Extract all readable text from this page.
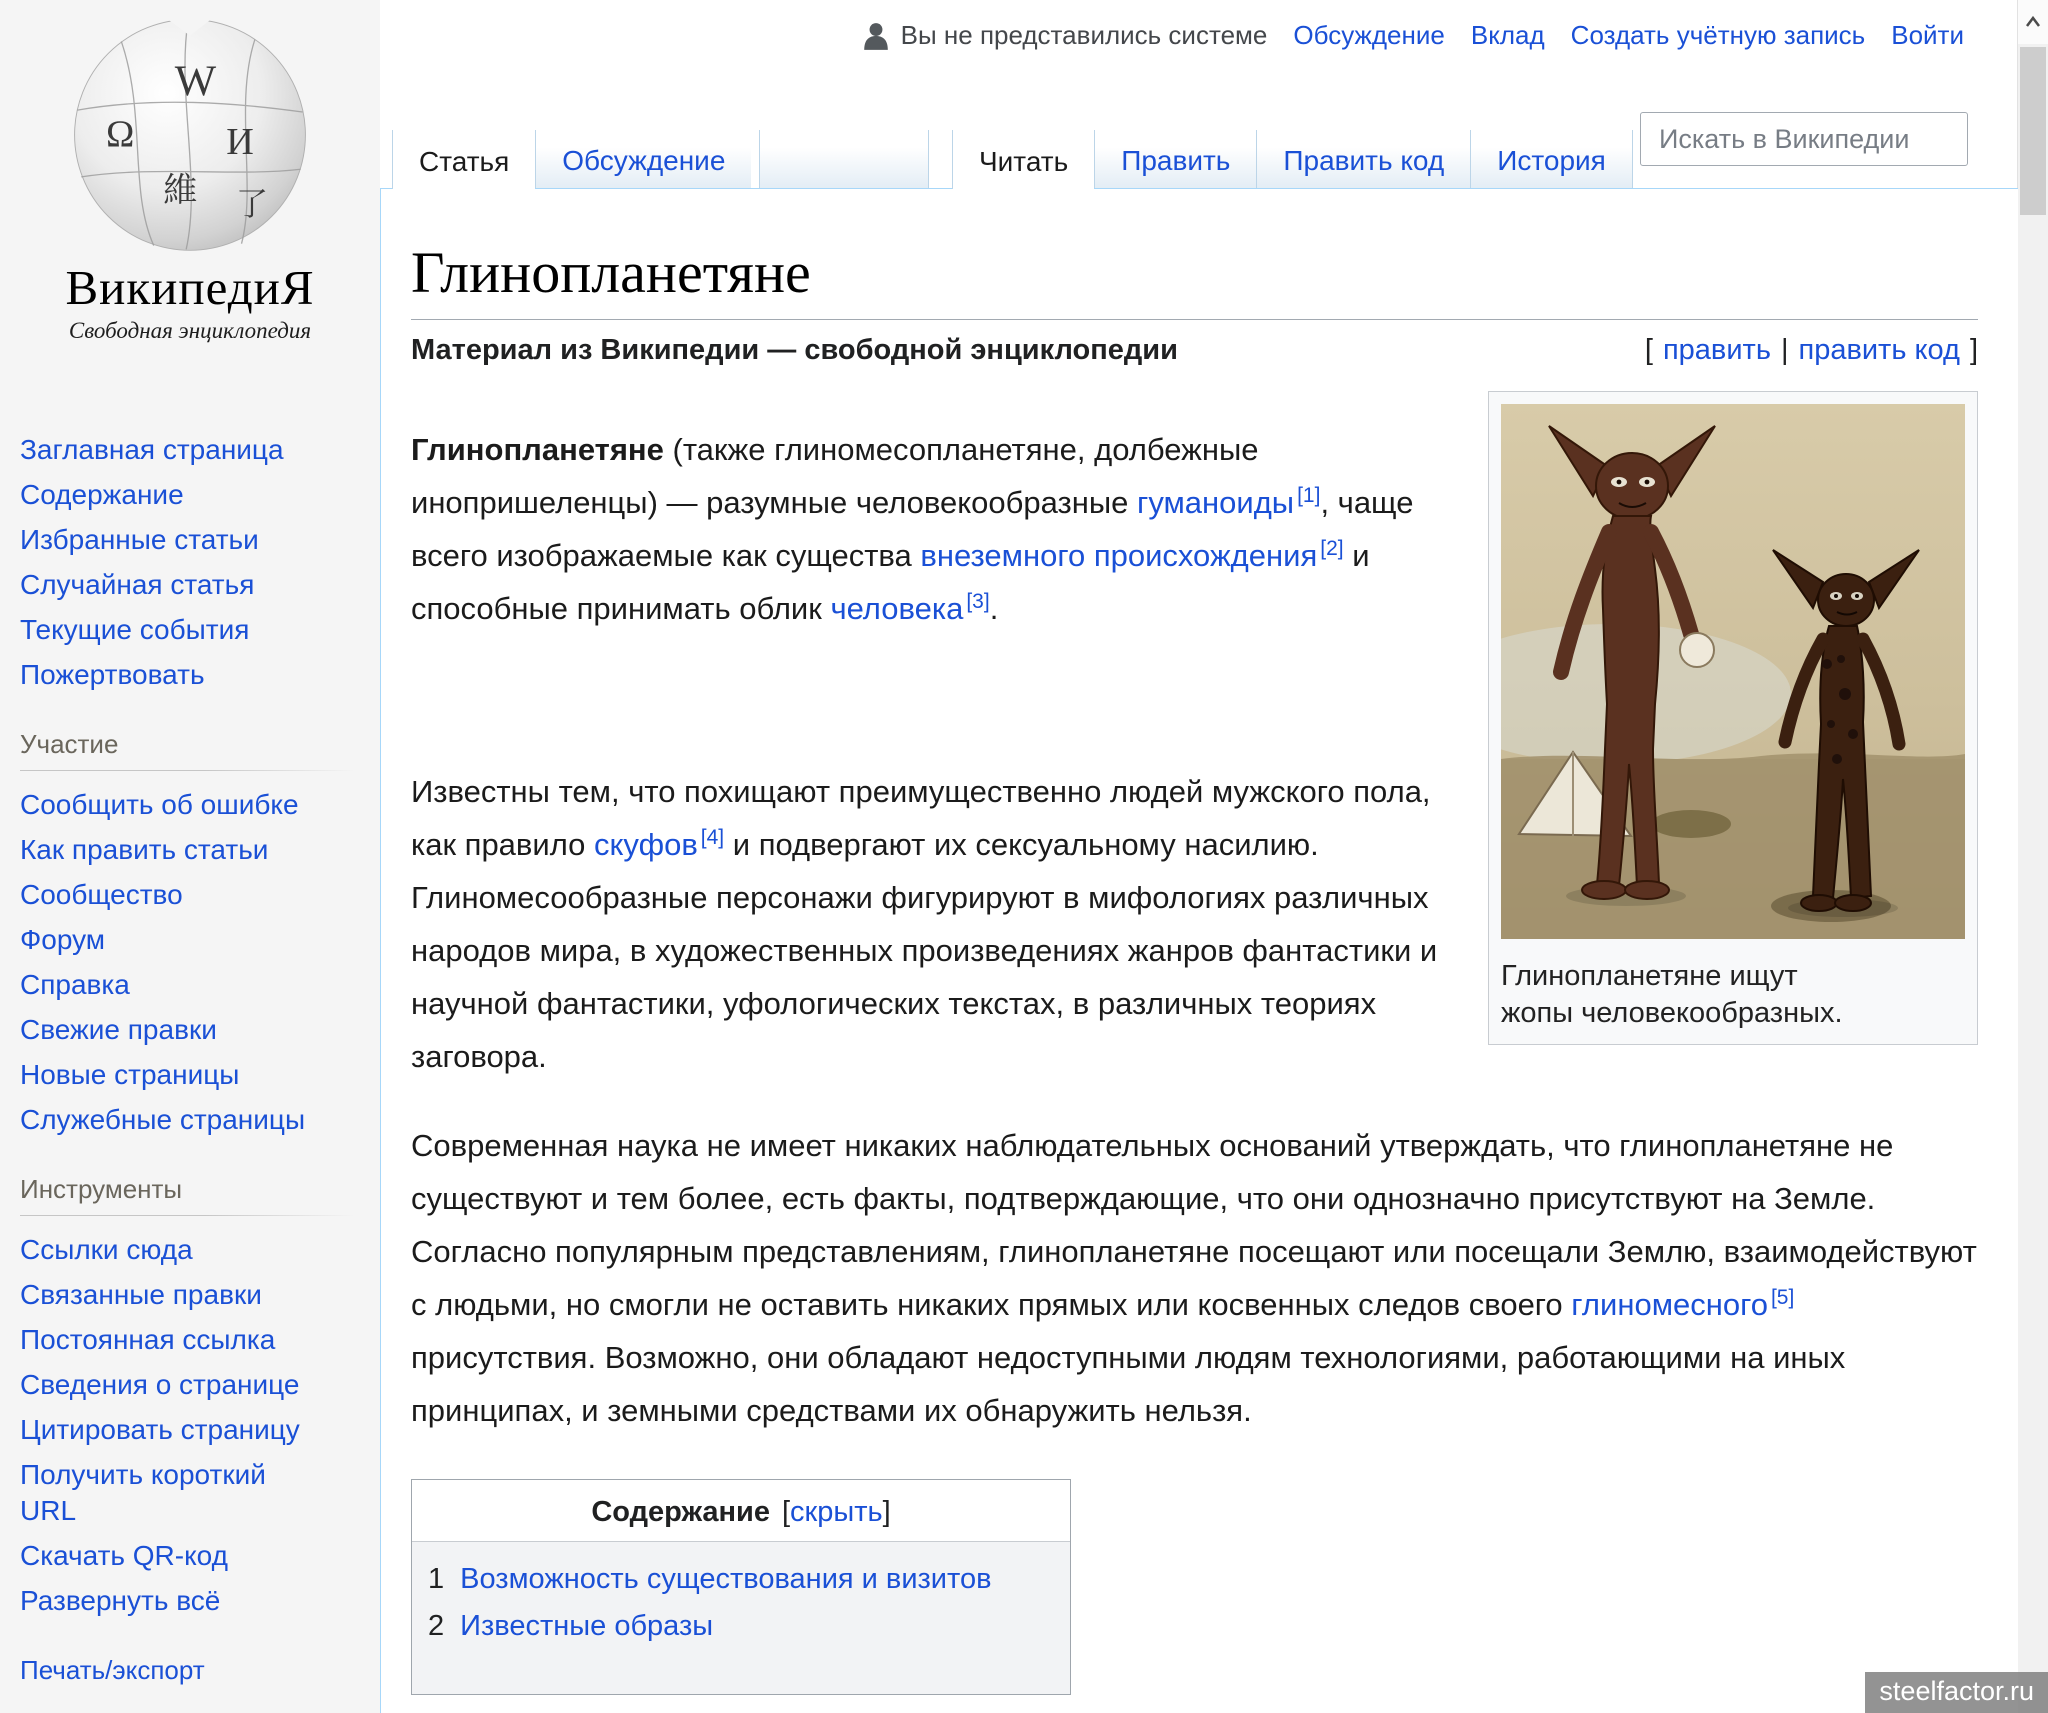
W
Ω И
維 了
ВикипедиЯ
Свободная энциклопедия
Заглавная страница
Содержание
Избранные статьи
Случайная статья
Текущие события
Пожертвовать
Участие
Сообщить об ошибке
Как править статьи
Сообщество
Форум
Справка
Свежие правки
Новые страницы
Служебные страницы
Инструменты
Ссылки сюда
Связанные правки
Постоянная ссылка
Сведения о странице
Цитировать страницу
Получить короткий URL
Скачать QR-код
Развернуть всё
Печать/экспорт
Вы не представились системе Обсуждение Вклад Создать учётную запись Войти
Статья Обсуждение	Читать Править Править код История
Искать в Википедии
Глинопланетяне
Материал из Википедии — свободной энциклопедии	[ править | править код ]
Глинопланетяне ищут жопы человекообразных.

Глинопланетяне (также глиномесопланетяне, долбежные инопришеленцы) — разумные человекообразные гуманоиды [1], чаще всего изображаемые как существа внеземного происхождения [2] и способные принимать облик человека [3].

Известны тем, что похищают преимущественно людей мужского пола, как правило скуфов [4] и подвергают их сексуальному насилию. Глиномесообразные персонажи фигурируют в мифологиях различных народов мира, в художественных произведениях жанров фантастики и научной фантастики, уфологических текстах, в различных теориях заговора.

Современная наука не имеет никаких наблюдательных оснований утверждать, что глинопланетяне не существуют и тем более, есть факты, подтверждающие, что они однозначно присутствуют на Земле. Согласно популярным представлениям, глинопланетяне посещают или посещали Землю, взаимодействуют с людьми, но смогли не оставить никаких прямых или косвенных следов своего глиномесного [5] присутствия. Возможно, они обладают недоступными людям технологиями, работающими на иных принципах, и земными средствами их обнаружить нельзя.

Содержание [скрыть]
1 Возможность существования и визитов
2 Известные образы
steelfactor.ru
